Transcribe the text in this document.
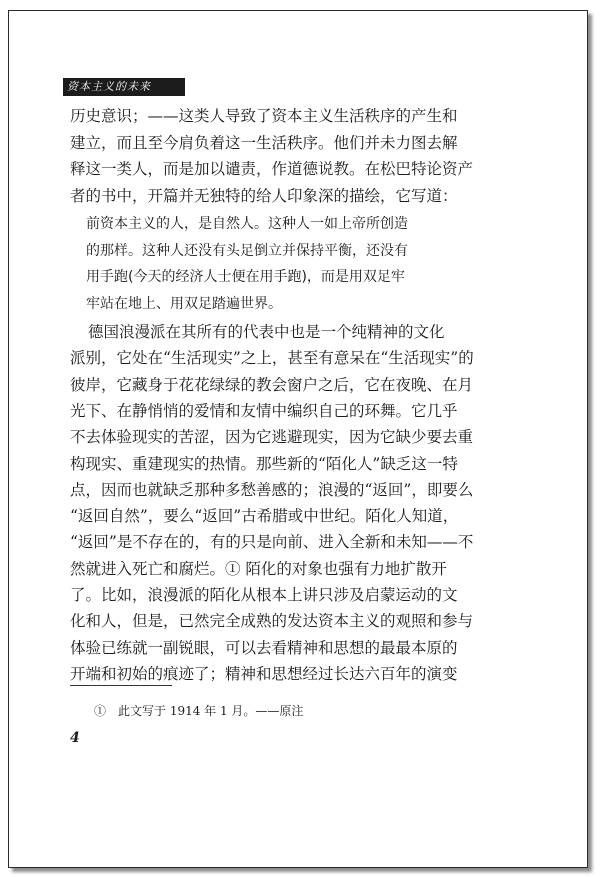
资本主义的未来
历史意识；——这类人导致了资本主义生活秩序的产生和
建立，而且至今肩负着这一生活秩序。他们并未力图去解
释这一类人，而是加以谴责，作道德说教。在松巴特论资产
者的书中，开篇并无独特的给人印象深的描绘，它写道：
前资本主义的人，是自然人。这种人一如上帝所创造
的那样。这种人还没有头足倒立并保持平衡，还没有
用手跑(今天的经济人士便在用手跑)，而是用双足牢
牢站在地上、用双足踏遍世界。
德国浪漫派在其所有的代表中也是一个纯精神的文化
派别，它处在“生活现实”之上，甚至有意呆在“生活现实”的
彼岸，它藏身于花花绿绿的教会窗户之后，它在夜晚、在月
光下、在静悄悄的爱情和友情中编织自己的环舞。它几乎
不去体验现实的苦涩，因为它逃避现实，因为它缺少要去重
构现实、重建现实的热情。那些新的“陌化人”缺乏这一特
点，因而也就缺乏那种多愁善感的；浪漫的“返回”，即要么
“返回自然”，要么“返回”古希腊或中世纪。陌化人知道，
“返回”是不存在的，有的只是向前、进入全新和未知——不
然就进入死亡和腐烂。① 陌化的对象也强有力地扩散开
了。比如，浪漫派的陌化从根本上讲只涉及启蒙运动的文
化和人，但是，已然完全成熟的发达资本主义的观照和参与
体验已练就一副锐眼，可以去看精神和思想的最最本原的
开端和初始的痕迹了；精神和思想经过长达六百年的演变
①　此文写于 1914 年 1 月。——原注
4
